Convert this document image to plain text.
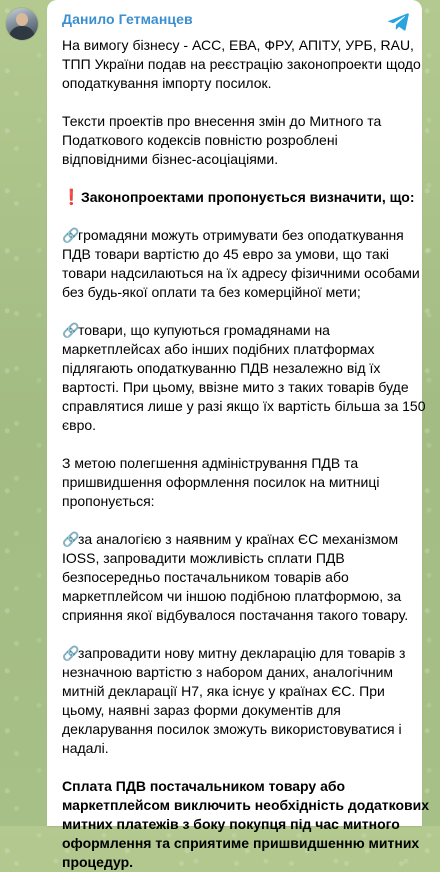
Данило Гетманцев
На вимогу бізнесу - АСС, ЕВА, ФРУ, АПІТУ, УРБ, RAU,
ТПП України подав на реєстрацію законопроекти щодо
оподаткування імпорту посилок.
Тексти проектів про внесення змін до Митного та
Податкового кодексів повністю розроблені
відповідними бізнес-асоціаціями.
❗Законопроектами пропонується визначити, що:
🔗громадяни можуть отримувати без оподаткування
ПДВ товари вартістю до 45 евро за умови, що такі
товари надсилаються на їх адресу фізичними особами
без будь-якої оплати та без комерційної мети;
🔗товари, що купуються громадянами на
маркетплейсах або інших подібних платформах
підлягають оподаткуванню ПДВ незалежно від їх
вартості. При цьому, ввізне мито з таких товарів буде
справлятися лише у разі якщо їх вартість більша за 150
євро.
З метою полегшення адміністрування ПДВ та
пришвидшення оформлення посилок на митниці
пропонується:
🔗за аналогією з наявним у країнах ЄС механізмом
IOSS, запровадити можливість сплати ПДВ
безпосередньо постачальником товарів або
маркетплейсом чи іншою подібною платформою, за
сприяння якої відбувалося постачання такого товару.
🔗запровадити нову митну декларацію для товарів з
незначною вартістю з набором даних, аналогічним
митній декларації Н7, яка існує у країнах ЄС. При
цьому, наявні зараз форми документів для
декларування посилок зможуть використовуватися і
надалі.
Сплата ПДВ постачальником товару або
маркетплейсом виключить необхідність додаткових
митних платежів з боку покупця під час митного
оформлення та сприятиме пришвидшенню митних
процедур.
